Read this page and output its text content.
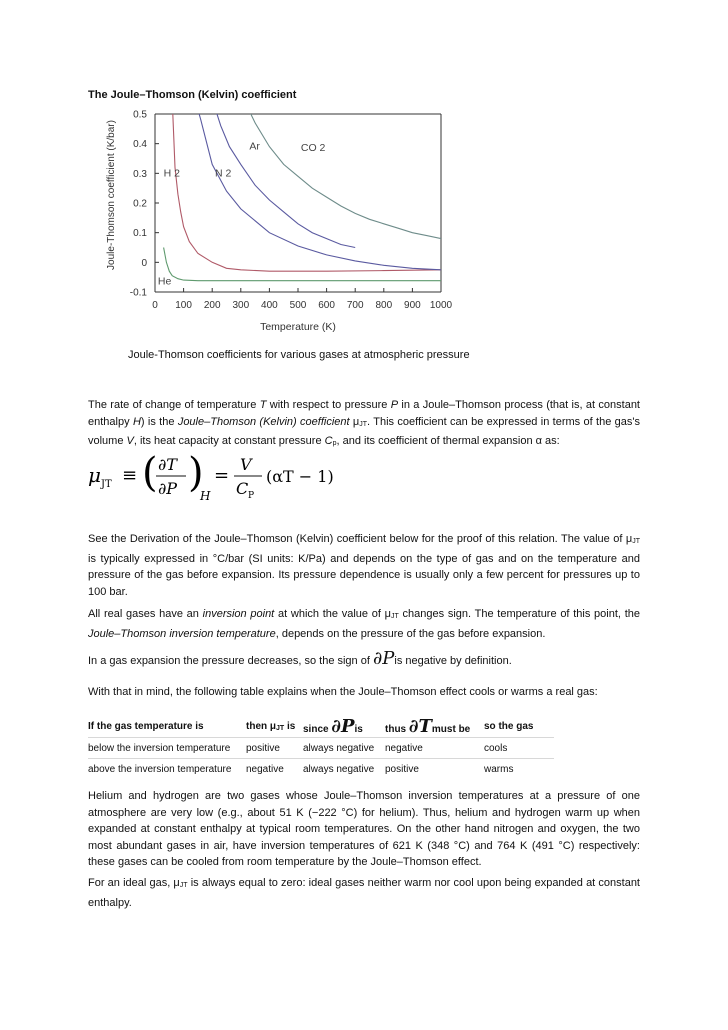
The Joule–Thomson (Kelvin) coefficient
0.5
0.4
0.3
0.2
0.1
0
-0.1
0 100 200 300 400 500 600 700 800 900 1000
Temperature (K)
Joule-Thomson coefficient (K/bar)	H 2
He
N 2
Ar	CO 2
Joule-Thomson coefficients for various gases at atmospheric pressure

The rate of change of temperature T with respect to pressure P in a Joule–Thomson process (that is, at constant enthalpy H) is the Joule–Thomson (Kelvin) coefficient μJT. This coefficient can be expressed in terms of the gas's volume V, its heat capacity at constant pressure Cp, and its coefficient of thermal expansion α as:

μ JT ≡ ( ∂T
∂P )
H
=
V
C P
(αT − 1)

See the Derivation of the Joule–Thomson (Kelvin) coefficient below for the proof of this relation. The value of μJT is typically expressed in °C/bar (SI units: K/Pa) and depends on the type of gas and on the temperature and pressure of the gas before expansion. Its pressure dependence is usually only a few percent for pressures up to 100 bar.

All real gases have an inversion point at which the value of μJT changes sign. The temperature of this point, the Joule–Thomson inversion temperature, depends on the pressure of the gas before expansion.

In a gas expansion the pressure decreases, so the sign of ∂Pis negative by definition.

With that in mind, the following table explains when the Joule–Thomson effect cools or warms a real gas:

If the gas temperature is	then μJT is	since ∂Pis	thus ∂Tmust be	so the gas
below the inversion temperature	positive	always negative	negative	cools
above the inversion temperature	negative	always negative	positive	warms

Helium and hydrogen are two gases whose Joule–Thomson inversion temperatures at a pressure of one atmosphere are very low (e.g., about 51 K (−222 °C) for helium). Thus, helium and hydrogen warm up when expanded at constant enthalpy at typical room temperatures. On the other hand nitrogen and oxygen, the two most abundant gases in air, have inversion temperatures of 621 K (348 °C) and 764 K (491 °C) respectively: these gases can be cooled from room temperature by the Joule–Thomson effect.

For an ideal gas, μJT is always equal to zero: ideal gases neither warm nor cool upon being expanded at constant enthalpy.
